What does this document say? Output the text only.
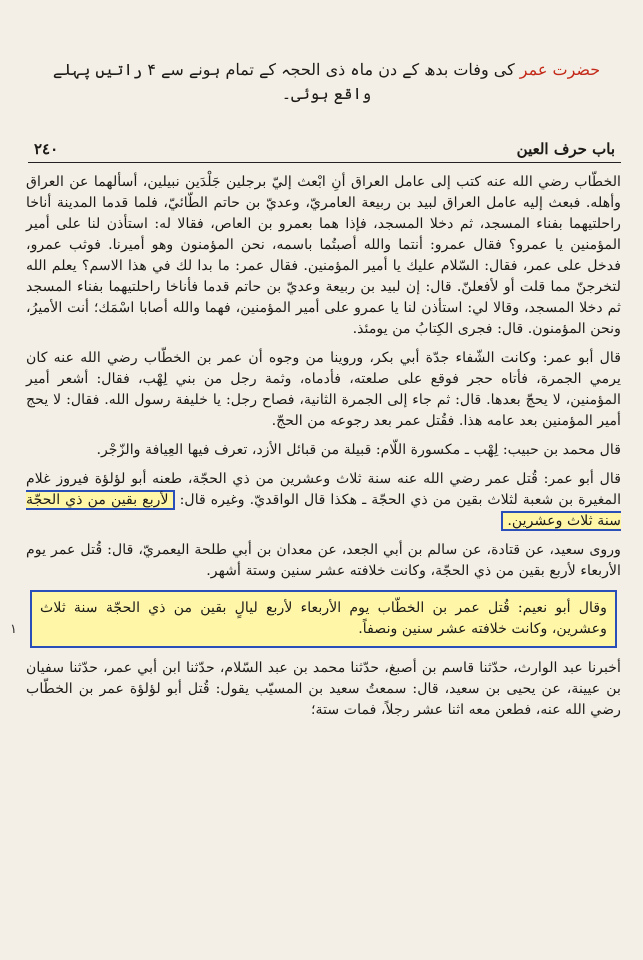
حضرت عمر کی وفات بدھ کے دن ماہ ذی الحجہ کے تمام ہونے سے ۴ راتیں پہلے واقع ہوئی۔
٢٤٠	باب حرف العين
١

الخطّاب رضي الله عنه كتب إلى عامل العراق أنِ ابْعث إليّ برجلين جَلْدَين نبيلين، أسألهما عن العراق وأهله. فبعث إليه عامل العراق لبيد بن ربيعة العامريّ، وعديّ بن حاتم الطّائيّ، فلما قدما المدينة أناخا راحلتيهما بفناء المسجد، ثم دخلا المسجد، فإذا هما بعمرو بن العاص، فقالا له: استأذن لنا على أمير المؤمنين يا عمرو؟ فقال عمرو: أنتما والله أصبتُما باسمه، نحن المؤمنون وهو أميرنا. فوثب عمرو، فدخل على عمر، فقال: السّلام عليك يا أمير المؤمنين. فقال عمر: ما بدا لك في هذا الاسم؟ يعلم الله لتخرجنّ مما قلت أو لأفعلنّ. قال: إن لبيد بن ربيعة وعديّ بن حاتم قدما فأناخا راحلتيهما بفناء المسجد ثم دخلا المسجد، وقالا لي: استأذن لنا يا عمرو على أمير المؤمنين، فهما والله أصابا اسْمَك؛ أنت الأميرُ، ونحن المؤمنون. قال: فجرى الكِتابُ من يومئذ.

قال أبو عمر: وكانت الشّفاء جدّة أبي بكر، وروينا من وجوه أن عمر بن الخطّاب رضي الله عنه كان يرمي الجمرة، فأتاه حجر فوقع على صلعته، فأدماه، وثمة رجل من بني لِهْب، فقال: أشعر أمير المؤمنين، لا يحجّ بعدها. قال: ثم جاء إلى الجمرة الثانية، فصاح رجل: يا خليفة رسول الله. فقال: لا يحج أمير المؤمنين بعد عامه هذا. فقُتل عمر بعد رجوعه من الحجّ.

قال محمد بن حبيب: لِهْب ـ مكسورة اللّام: قبيلة من قبائل الأزد، تعرف فيها العِيافة والزّجْر.

قال أبو عمر: قُتل عمر رضي الله عنه سنة ثلاث وعشرين من ذي الحجّة، طعنه أبو لؤلؤة فيروز غلام المغيرة بن شعبة لثلاث بقين من ذي الحجّة ـ هكذا قال الواقديّ. وغيره قال: لأربع بقين من ذي الحجّة سنة ثلاث وعشرين.

وروى سعيد، عن قتادة، عن سالم بن أبي الجعد، عن معدان بن أبي طلحة اليعمريّ، قال: قُتل عمر يوم الأربعاء لأربع بقين من ذي الحجّة، وكانت خلافته عشر سنين وستة أشهر.

وقال أبو نعيم: قُتل عمر بن الخطّاب يوم الأربعاء لأربع ليالٍ بقين من ذي الحجّة سنة ثلاث وعشرين، وكانت خلافته عشر سنين ونصفاً.

أخبرنا عبد الوارث، حدّثنا قاسم بن أصبغ، حدّثنا محمد بن عبد السّلام، حدّثنا ابن أبي عمر، حدّثنا سفيان بن عيينة، عن يحيى بن سعيد، قال: سمعتُ سعيد بن المسيّب يقول: قُتل أبو لؤلؤة عمر بن الخطّاب رضي الله عنه، فطعن معه اثنا عشر رجلاً، فمات ستة؛
